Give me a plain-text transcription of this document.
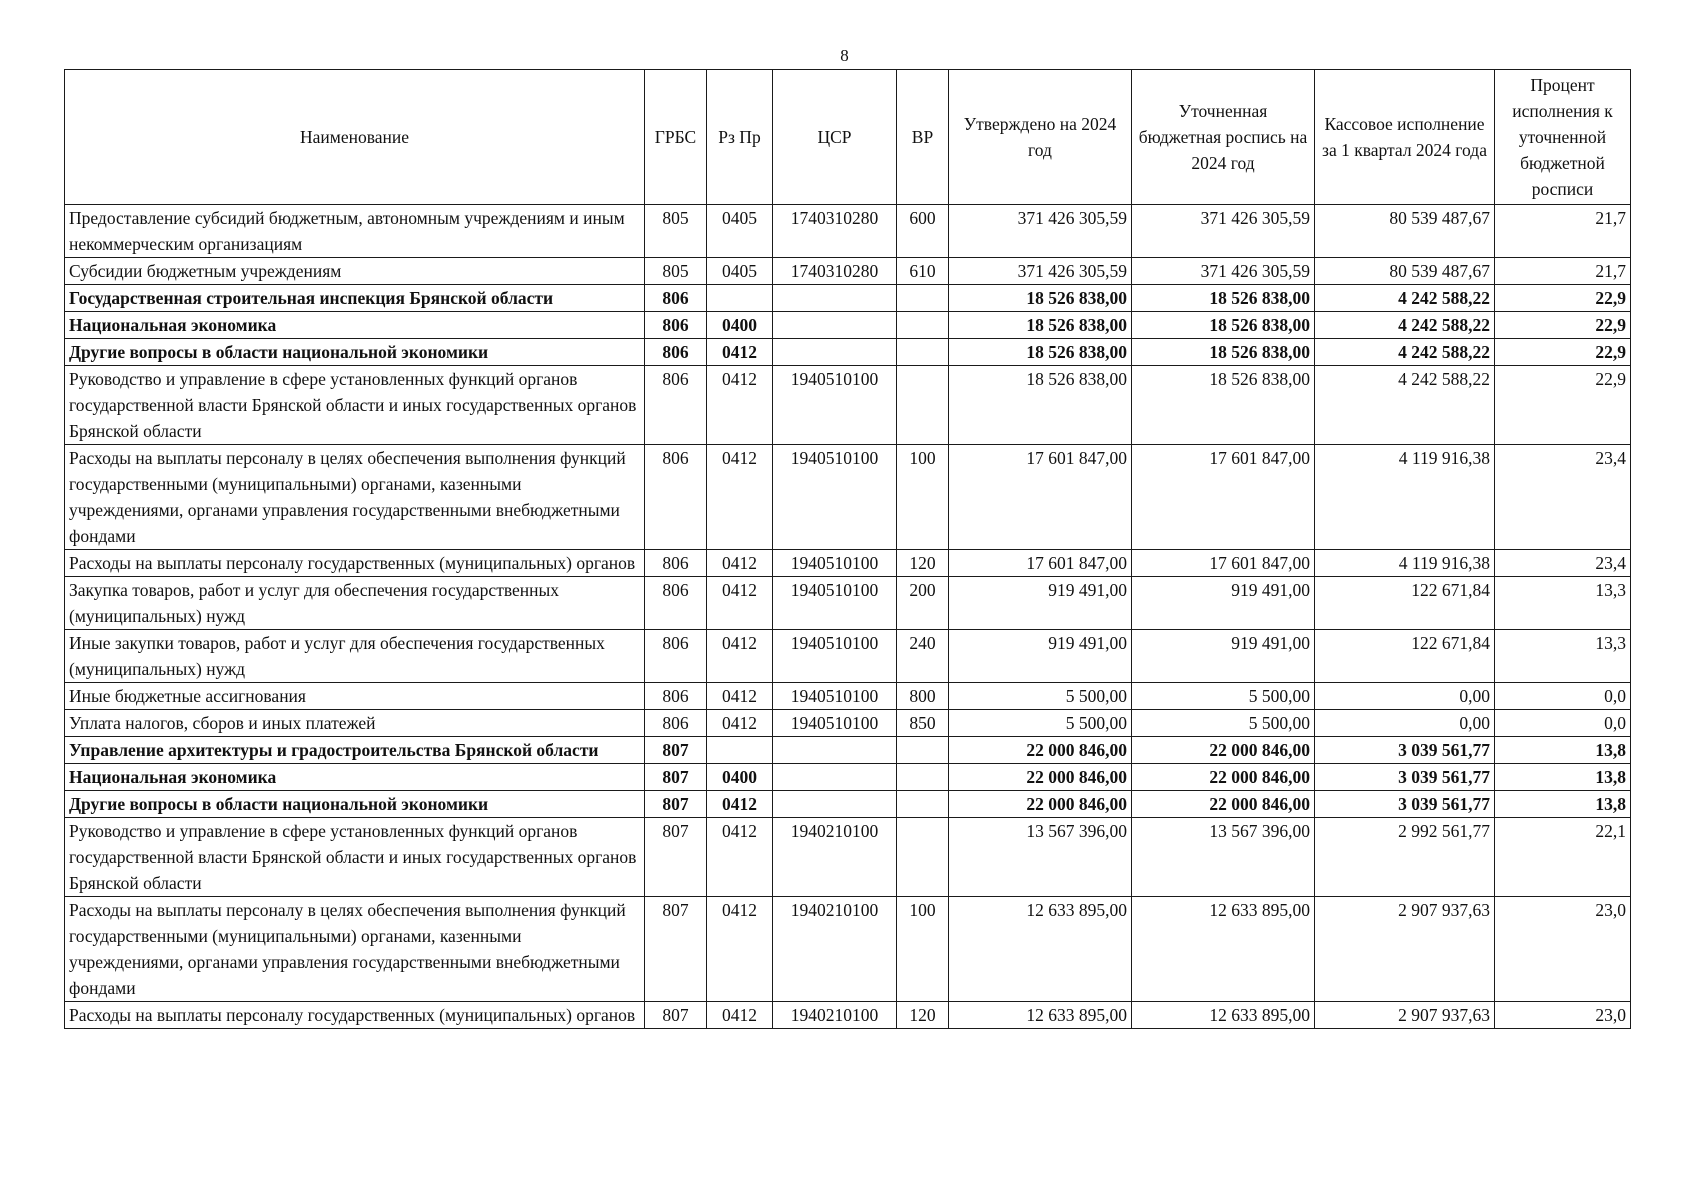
8
Наименование	ГРБС	Рз Пр	ЦСР	ВР	Утверждено на 2024 год	Уточненная бюджетная роспись на 2024 год	Кассовое исполнение за 1 квартал 2024 года	Процент исполнения к уточненной бюджетной росписи
Предоставление субсидий бюджетным, автономным учреждениям и иным некоммерческим организациям	805	0405	1740310280	600	371 426 305,59	371 426 305,59	80 539 487,67	21,7
Субсидии бюджетным учреждениям	805	0405	1740310280	610	371 426 305,59	371 426 305,59	80 539 487,67	21,7
Государственная строительная инспекция Брянской области	806				18 526 838,00	18 526 838,00	4 242 588,22	22,9
Национальная экономика	806	0400			18 526 838,00	18 526 838,00	4 242 588,22	22,9
Другие вопросы в области национальной экономики	806	0412			18 526 838,00	18 526 838,00	4 242 588,22	22,9
Руководство и управление в сфере установленных функций органов государственной власти Брянской области и иных государственных органов Брянской области	806	0412	1940510100		18 526 838,00	18 526 838,00	4 242 588,22	22,9
Расходы на выплаты персоналу в целях обеспечения выполнения функций государственными (муниципальными) органами, казенными учреждениями, органами управления государственными внебюджетными фондами	806	0412	1940510100	100	17 601 847,00	17 601 847,00	4 119 916,38	23,4
Расходы на выплаты персоналу государственных (муниципальных) органов	806	0412	1940510100	120	17 601 847,00	17 601 847,00	4 119 916,38	23,4
Закупка товаров, работ и услуг для обеспечения государственных (муниципальных) нужд	806	0412	1940510100	200	919 491,00	919 491,00	122 671,84	13,3
Иные закупки товаров, работ и услуг для обеспечения государственных (муниципальных) нужд	806	0412	1940510100	240	919 491,00	919 491,00	122 671,84	13,3
Иные бюджетные ассигнования	806	0412	1940510100	800	5 500,00	5 500,00	0,00	0,0
Уплата налогов, сборов и иных платежей	806	0412	1940510100	850	5 500,00	5 500,00	0,00	0,0
Управление архитектуры и градостроительства Брянской области	807				22 000 846,00	22 000 846,00	3 039 561,77	13,8
Национальная экономика	807	0400			22 000 846,00	22 000 846,00	3 039 561,77	13,8
Другие вопросы в области национальной экономики	807	0412			22 000 846,00	22 000 846,00	3 039 561,77	13,8
Руководство и управление в сфере установленных функций органов государственной власти Брянской области и иных государственных органов Брянской области	807	0412	1940210100		13 567 396,00	13 567 396,00	2 992 561,77	22,1
Расходы на выплаты персоналу в целях обеспечения выполнения функций государственными (муниципальными) органами, казенными учреждениями, органами управления государственными внебюджетными фондами	807	0412	1940210100	100	12 633 895,00	12 633 895,00	2 907 937,63	23,0
Расходы на выплаты персоналу государственных (муниципальных) органов	807	0412	1940210100	120	12 633 895,00	12 633 895,00	2 907 937,63	23,0
